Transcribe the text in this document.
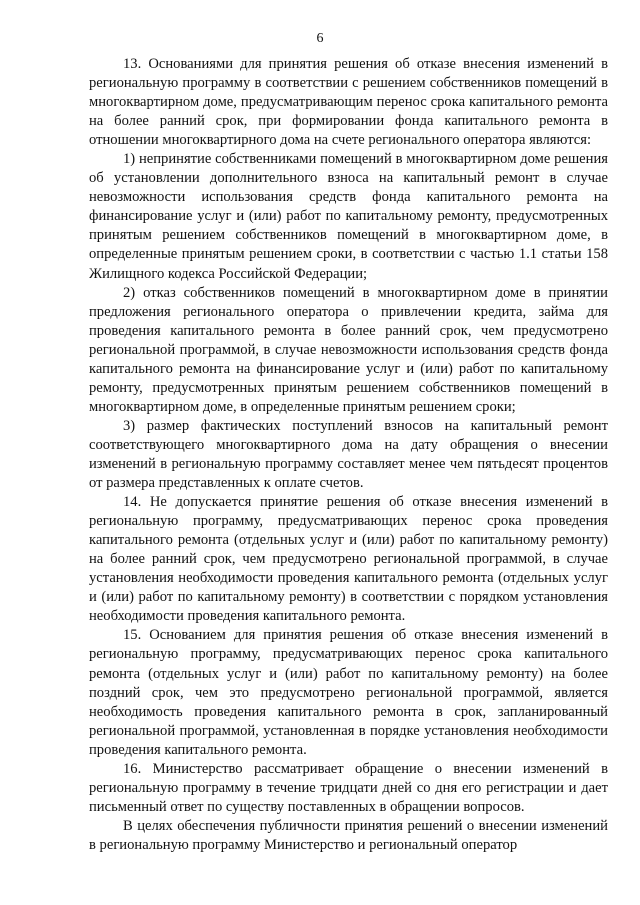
6

13. Основаниями для принятия решения об отказе внесения изменений в региональную программу в соответствии с решением собственников помещений в многоквартирном доме, предусматривающим перенос срока капитального ремонта на более ранний срок, при формировании фонда капитального ремонта в отношении многоквартирного дома на счете регионального оператора являются:

1) непринятие собственниками помещений в многоквартирном доме решения об установлении дополнительного взноса на капитальный ремонт в случае невозможности использования средств фонда капитального ремонта на финансирование услуг и (или) работ по капитальному ремонту, предусмотренных принятым решением собственников помещений в многоквартирном доме, в определенные принятым решением сроки, в соответствии с частью 1.1 статьи 158 Жилищного кодекса Российской Федерации;

2) отказ собственников помещений в многоквартирном доме в принятии предложения регионального оператора о привлечении кредита, займа для проведения капитального ремонта в более ранний срок, чем предусмотрено региональной программой, в случае невозможности использования средств фонда капитального ремонта на финансирование услуг и (или) работ по капитальному ремонту, предусмотренных принятым решением собственников помещений в многоквартирном доме, в определенные принятым решением сроки;

3) размер фактических поступлений взносов на капитальный ремонт соответствующего многоквартирного дома на дату обращения о внесении изменений в региональную программу составляет менее чем пятьдесят процентов от размера представленных к оплате счетов.

14. Не допускается принятие решения об отказе внесения изменений в региональную программу, предусматривающих перенос срока проведения капитального ремонта (отдельных услуг и (или) работ по капитальному ремонту) на более ранний срок, чем предусмотрено региональной программой, в случае установления необходимости проведения капитального ремонта (отдельных услуг и (или) работ по капитальному ремонту) в соответствии с порядком установления необходимости проведения капитального ремонта.

15. Основанием для принятия решения об отказе внесения изменений в региональную программу, предусматривающих перенос срока капитального ремонта (отдельных услуг и (или) работ по капитальному ремонту) на более поздний срок, чем это предусмотрено региональной программой, является необходимость проведения капитального ремонта в срок, запланированный региональной программой, установленная в порядке установления необходимости проведения капитального ремонта.

16. Министерство рассматривает обращение о внесении изменений в региональную программу в течение тридцати дней со дня его регистрации и дает письменный ответ по существу поставленных в обращении вопросов.

В целях обеспечения публичности принятия решений о внесении изменений в региональную программу Министерство и региональный оператор
